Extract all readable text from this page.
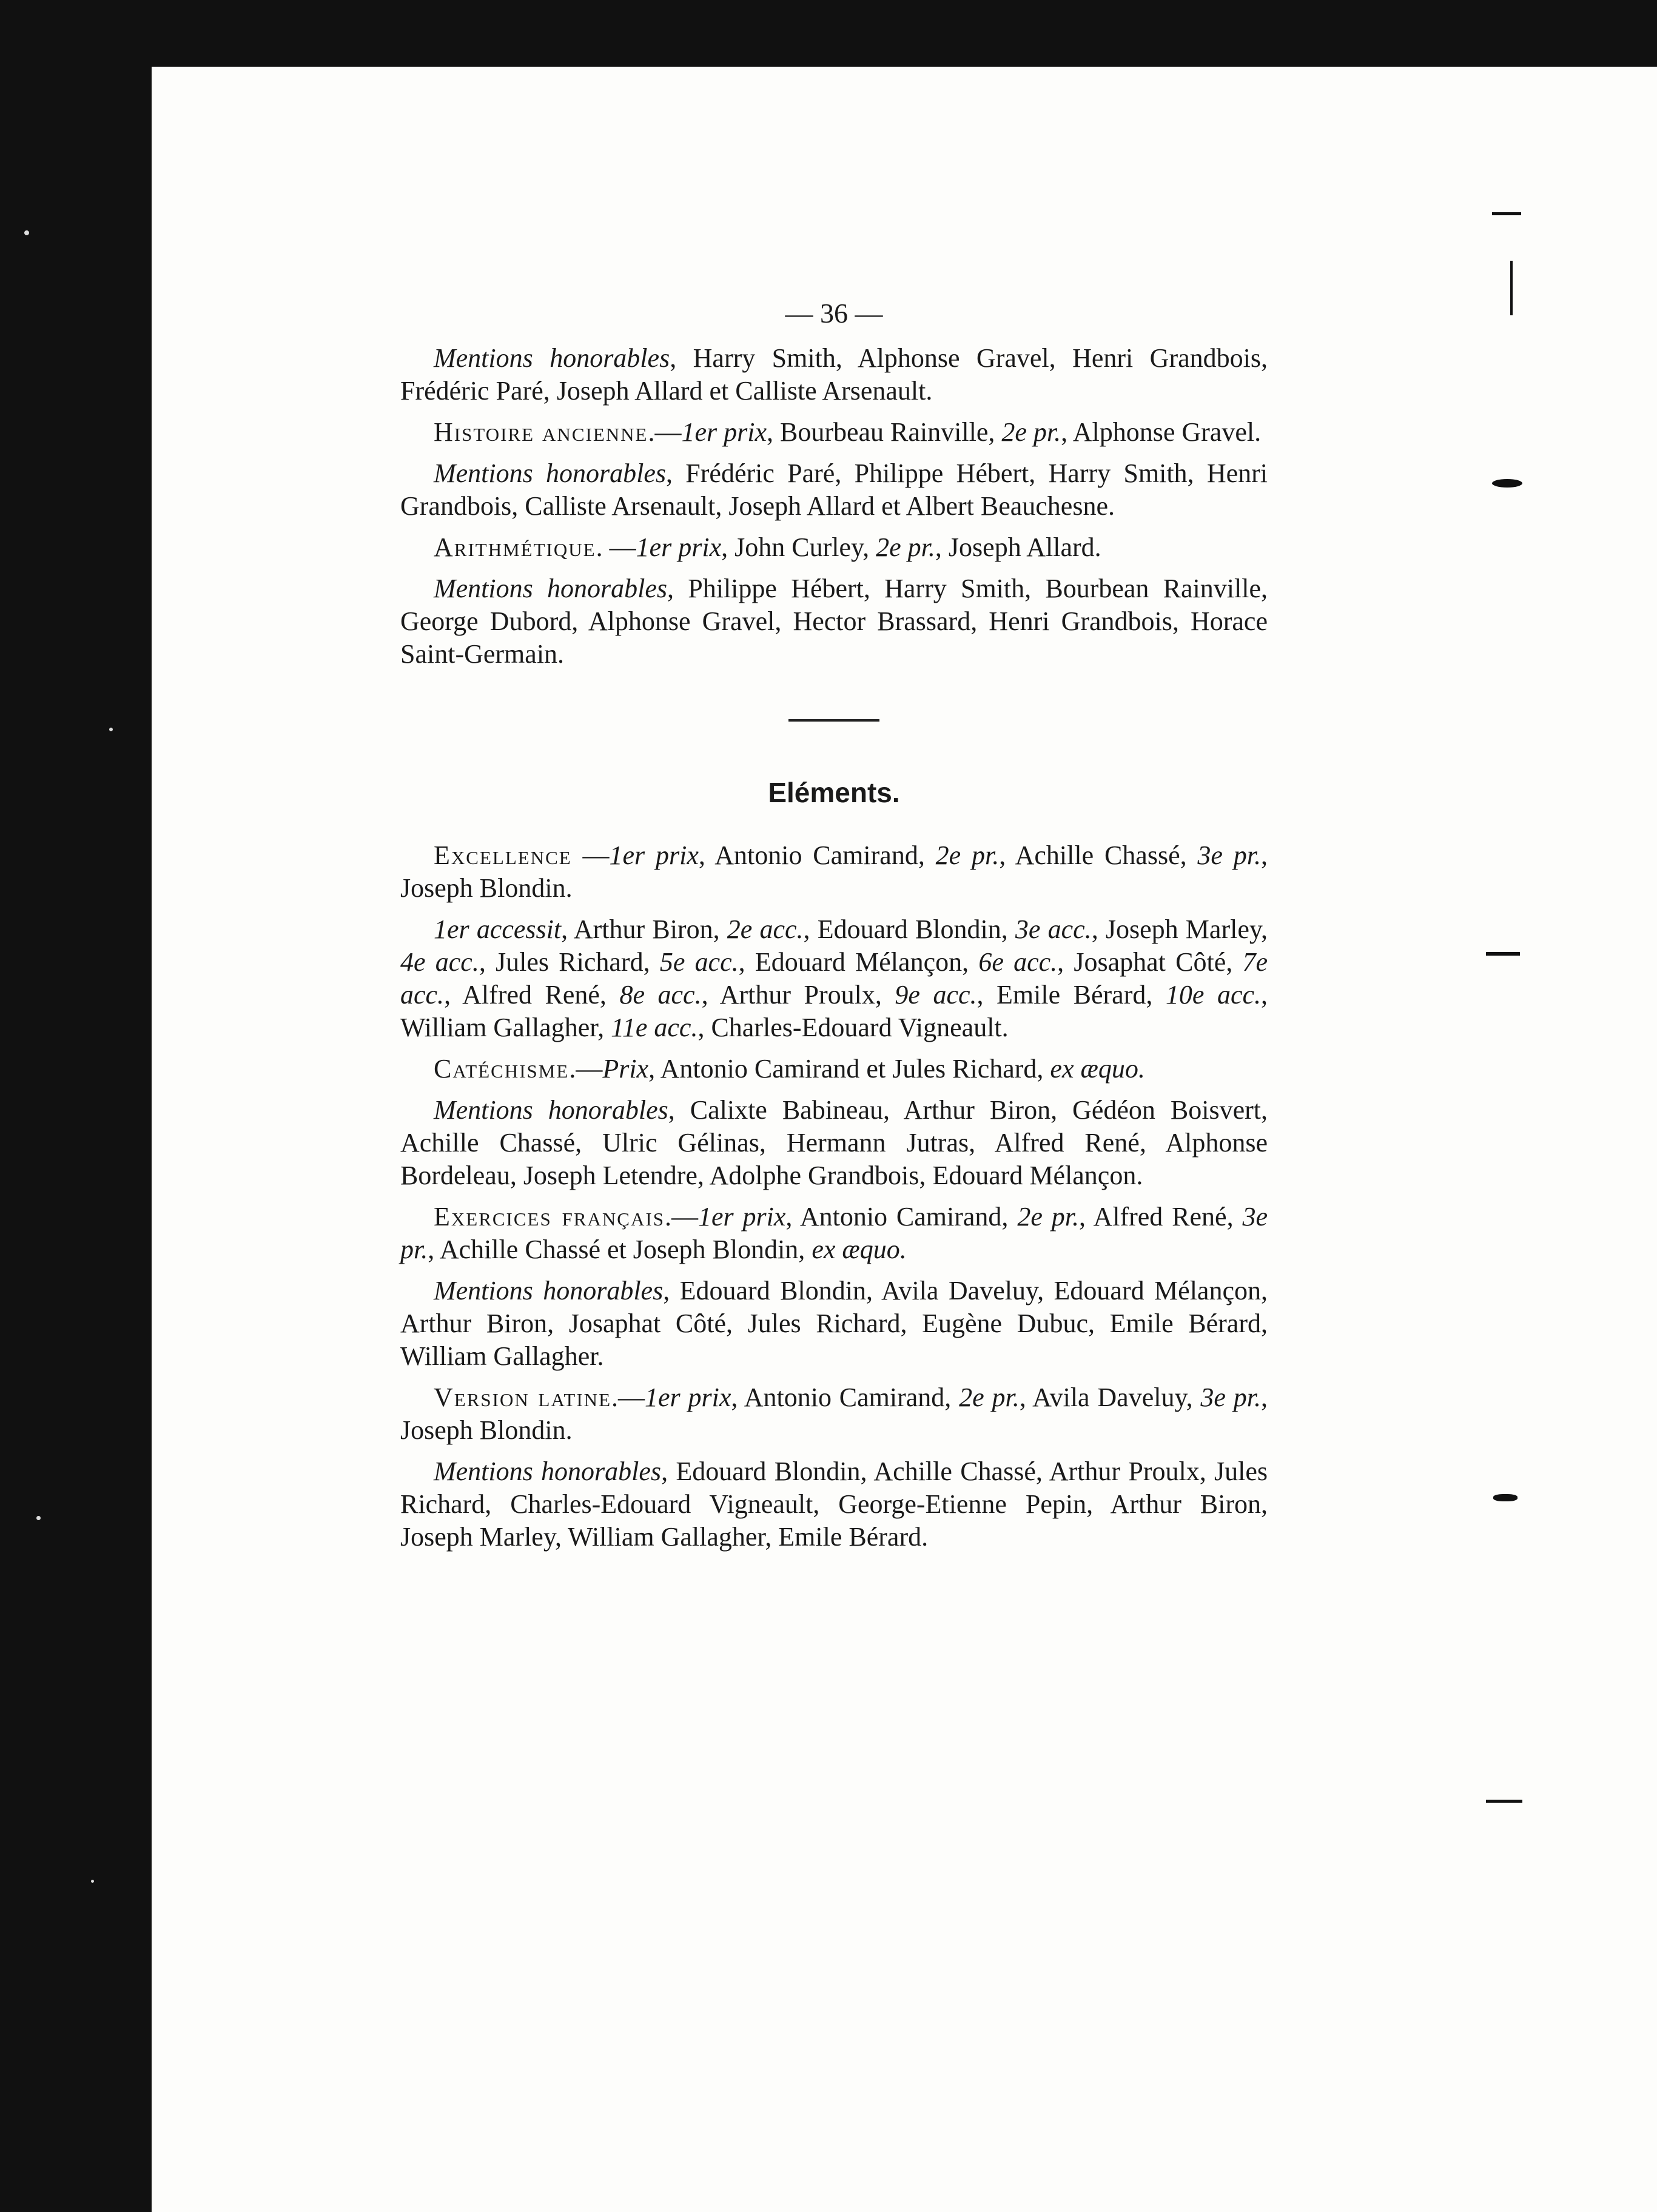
— 36 —

Mentions honorables, Harry Smith, Alphonse Gravel, Henri Grandbois, Frédéric Paré, Joseph Allard et Calliste Arsenault.

Histoire ancienne.—1er prix, Bourbeau Rainville, 2e pr., Alphonse Gravel.

Mentions honorables, Frédéric Paré, Philippe Hébert, Harry Smith, Henri Grandbois, Calliste Arsenault, Joseph Allard et Albert Beauchesne.

Arithmétique. —1er prix, John Curley, 2e pr., Joseph Allard.

Mentions honorables, Philippe Hébert, Harry Smith, Bourbean Rainville, George Dubord, Alphonse Gravel, Hector Brassard, Henri Grandbois, Horace Saint-Germain.

Eléments.

Excellence —1er prix, Antonio Camirand, 2e pr., Achille Chassé, 3e pr., Joseph Blondin.

1er accessit, Arthur Biron, 2e acc., Edouard Blondin, 3e acc., Joseph Marley, 4e acc., Jules Richard, 5e acc., Edouard Mélançon, 6e acc., Josaphat Côté, 7e acc., Alfred René, 8e acc., Arthur Proulx, 9e acc., Emile Bérard, 10e acc., William Gallagher, 11e acc., Charles-Edouard Vigneault.

Catéchisme.—Prix, Antonio Camirand et Jules Richard, ex æquo.

Mentions honorables, Calixte Babineau, Arthur Biron, Gédéon Boisvert, Achille Chassé, Ulric Gélinas, Hermann Jutras, Alfred René, Alphonse Bordeleau, Joseph Letendre, Adolphe Grandbois, Edouard Mélançon.

Exercices français.—1er prix, Antonio Camirand, 2e pr., Alfred René, 3e pr., Achille Chassé et Joseph Blondin, ex æquo.

Mentions honorables, Edouard Blondin, Avila Daveluy, Edouard Mélançon, Arthur Biron, Josaphat Côté, Jules Richard, Eugène Dubuc, Emile Bérard, William Gallagher.

Version latine.—1er prix, Antonio Camirand, 2e pr., Avila Daveluy, 3e pr., Joseph Blondin.

Mentions honorables, Edouard Blondin, Achille Chassé, Arthur Proulx, Jules Richard, Charles-Edouard Vigneault, George-Etienne Pepin, Arthur Biron, Joseph Marley, William Gallagher, Emile Bérard.
